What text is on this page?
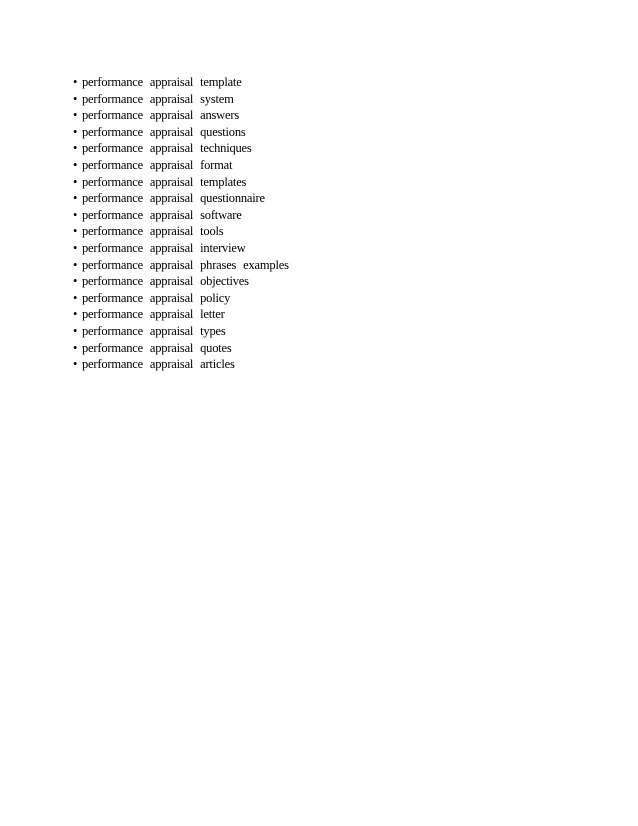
• performance appraisal template
• performance appraisal system
• performance appraisal answers
• performance appraisal questions
• performance appraisal techniques
• performance appraisal format
• performance appraisal templates
• performance appraisal questionnaire
• performance appraisal software
• performance appraisal tools
• performance appraisal interview
• performance appraisal phrases examples
• performance appraisal objectives
• performance appraisal policy
• performance appraisal letter
• performance appraisal types
• performance appraisal quotes
• performance appraisal articles
